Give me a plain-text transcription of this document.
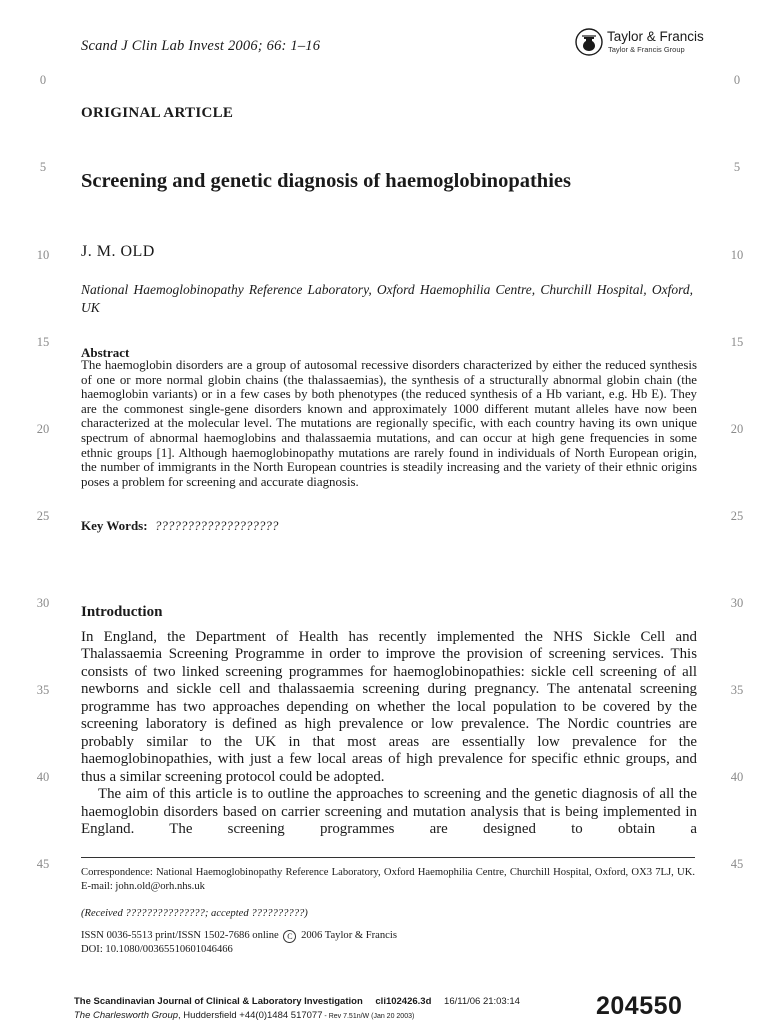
Scand J Clin Lab Invest 2006; 66: 1–16
Taylor & Francis
Taylor & Francis Group
0
5
10
15
20
25
30
35
40
45
0
5
10
15
20
25
30
35
40
45
ORIGINAL ARTICLE
Screening and genetic diagnosis of haemoglobinopathies
J. M. OLD
National Haemoglobinopathy Reference Laboratory, Oxford Haemophilia Centre, Churchill Hospital, Oxford, UK
Abstract
The haemoglobin disorders are a group of autosomal recessive disorders characterized by either the reduced synthesis of one or more normal globin chains (the thalassaemias), the synthesis of a structurally abnormal globin chain (the haemoglobin variants) or in a few cases by both phenotypes (the reduced synthesis of a Hb variant, e.g. Hb E). They are the commonest single-gene disorders known and approximately 1000 different mutant alleles have now been characterized at the molecular level. The mutations are regionally specific, with each country having its own unique spectrum of abnormal haemoglobins and thalassaemia mutations, and can occur at high gene frequencies in some ethnic groups [1]. Although haemoglobinopathy mutations are rarely found in individuals of North European origin, the number of immigrants in the North European countries is steadily increasing and the variety of their ethnic origins poses a problem for screening and accurate diagnosis.
Key Words: ???????????????????
Introduction

In England, the Department of Health has recently implemented the NHS Sickle Cell and Thalassaemia Screening Programme in order to improve the provision of screening services. This consists of two linked screening programmes for haemoglobinopathies: sickle cell screening of all newborns and sickle cell and thalassaemia screening during pregnancy. The antenatal screening programme has two approaches depending on whether the local population to be covered by the screening laboratory is defined as high prevalence or low prevalence. The Nordic countries are probably similar to the UK in that most areas are essentially low prevalence for the haemoglobinopathies, with just a few local areas of high prevalence for specific ethnic groups, and thus a similar screening protocol could be adopted.

The aim of this article is to outline the approaches to screening and the genetic diagnosis of all the haemoglobin disorders based on carrier screening and mutation analysis that is being implemented in England. The screening programmes are designed to obtain a

Correspondence: National Haemoglobinopathy Reference Laboratory, Oxford Haemophilia Centre, Churchill Hospital, Oxford, OX3 7LJ, UK. E-mail: john.old@orh.nhs.uk
(Received ???????????????; accepted ??????????)
ISSN 0036-5513 print/ISSN 1502-7686 online C 2006 Taylor & Francis
DOI: 10.1080/00365510601046466
The Scandinavian Journal of Clinical & Laboratory Investigation cli102426.3d 16/11/06 21:03:14
The Charlesworth Group, Huddersfield +44(0)1484 517077 - Rev 7.51n/W (Jan 20 2003)	204550
